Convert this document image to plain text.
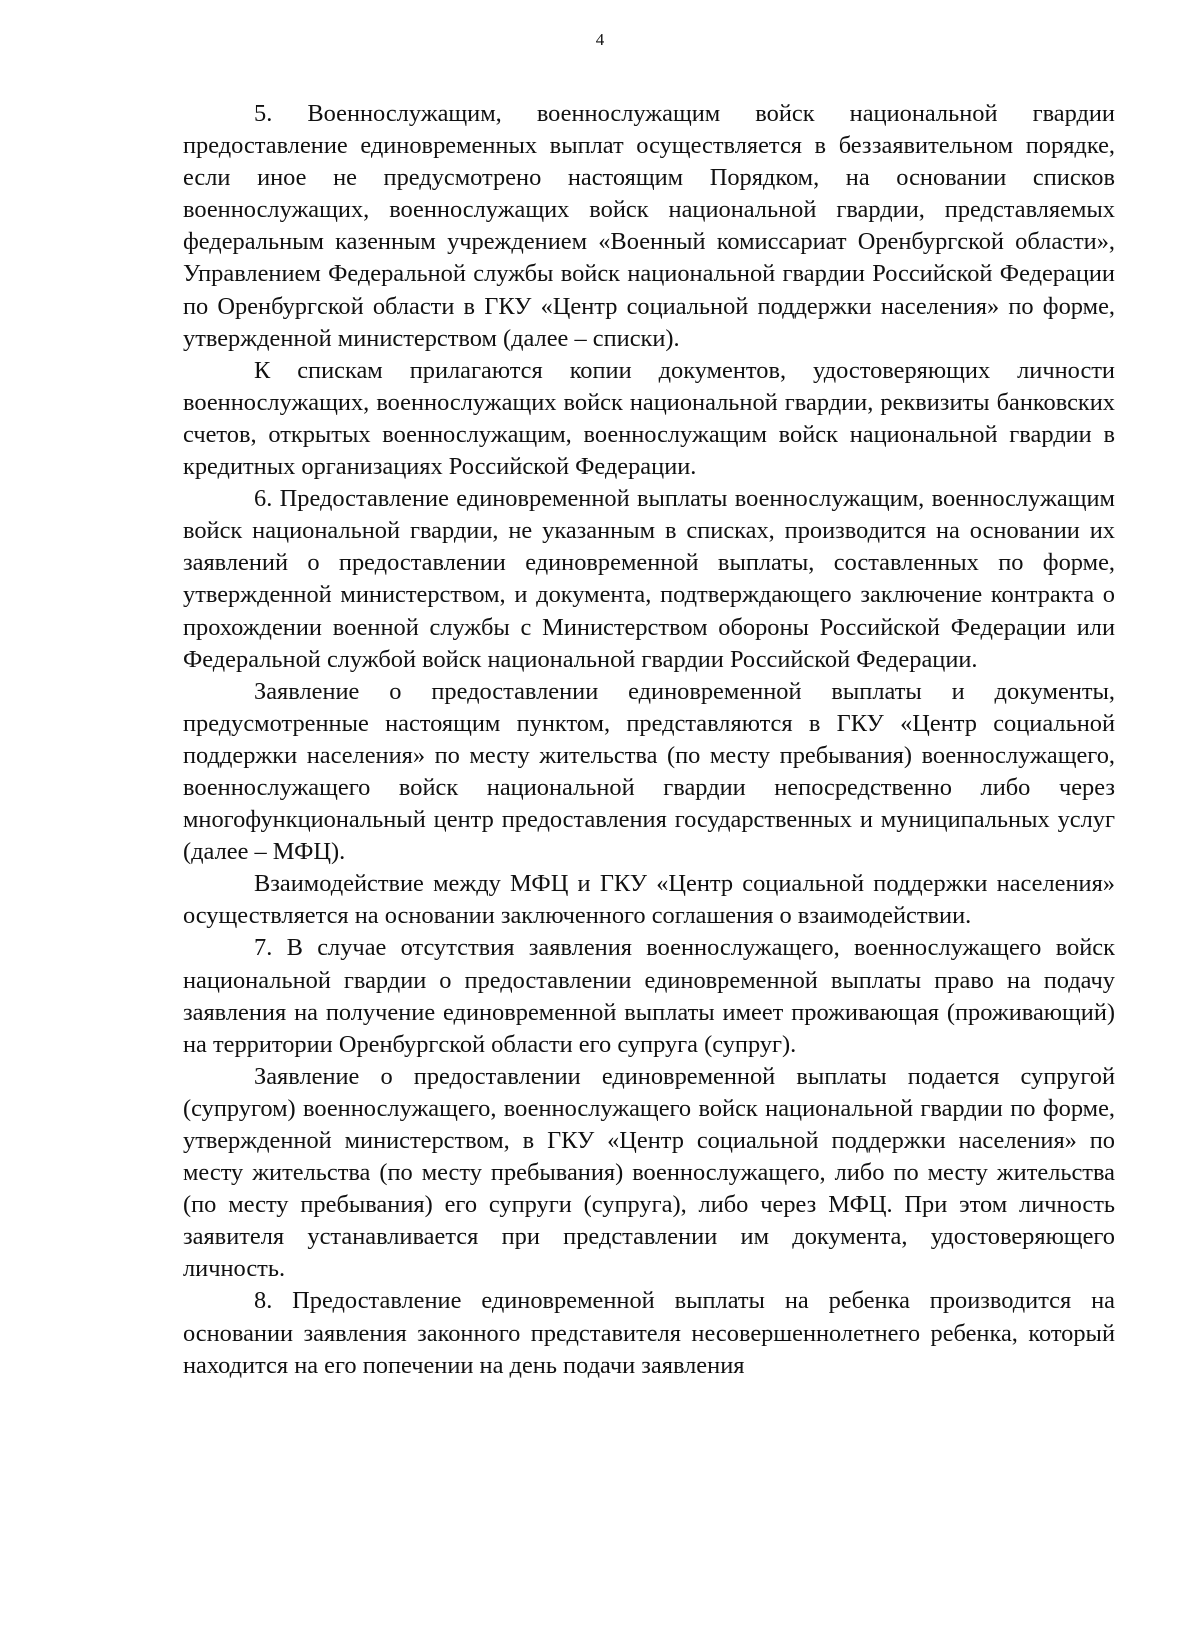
4

5. Военнослужащим, военнослужащим войск национальной гвардии предоставление единовременных выплат осуществляется в беззаявительном порядке, если иное не предусмотрено настоящим Порядком, на основании списков военнослужащих, военнослужащих войск национальной гвардии, представляемых федеральным казенным учреждением «Военный комиссариат Оренбургской области», Управлением Федеральной службы войск национальной гвардии Российской Федерации по Оренбургской области в ГКУ «Центр социальной поддержки населения» по форме, утвержденной министерством (далее – списки).

К спискам прилагаются копии документов, удостоверяющих личности военнослужащих, военнослужащих войск национальной гвардии, реквизиты банковских счетов, открытых военнослужащим, военнослужащим войск национальной гвардии в кредитных организациях Российской Федерации.

6. Предоставление единовременной выплаты военнослужащим, военнослужащим войск национальной гвардии, не указанным в списках, производится на основании их заявлений о предоставлении единовременной выплаты, составленных по форме, утвержденной министерством, и документа, подтверждающего заключение контракта о прохождении военной службы с Министерством обороны Российской Федерации или Федеральной службой войск национальной гвардии Российской Федерации.

Заявление о предоставлении единовременной выплаты и документы, предусмотренные настоящим пунктом, представляются в ГКУ «Центр социальной поддержки населения» по месту жительства (по месту пребывания) военнослужащего, военнослужащего войск национальной гвардии непосредственно либо через многофункциональный центр предоставления государственных и муниципальных услуг (далее – МФЦ).

Взаимодействие между МФЦ и ГКУ «Центр социальной поддержки населения» осуществляется на основании заключенного соглашения о взаимодействии.

7. В случае отсутствия заявления военнослужащего, военнослужащего войск национальной гвардии о предоставлении единовременной выплаты право на подачу заявления на получение единовременной выплаты имеет проживающая (проживающий) на территории Оренбургской области его супруга (супруг).

Заявление о предоставлении единовременной выплаты подается супругой (супругом) военнослужащего, военнослужащего войск национальной гвардии по форме, утвержденной министерством, в ГКУ «Центр социальной поддержки населения» по месту жительства (по месту пребывания) военнослужащего, либо по месту жительства (по месту пребывания) его супруги (супруга), либо через МФЦ. При этом личность заявителя устанавливается при представлении им документа, удостоверяющего личность.

8. Предоставление единовременной выплаты на ребенка производится на основании заявления законного представителя несовершеннолетнего ребенка, который находится на его попечении на день подачи заявления
